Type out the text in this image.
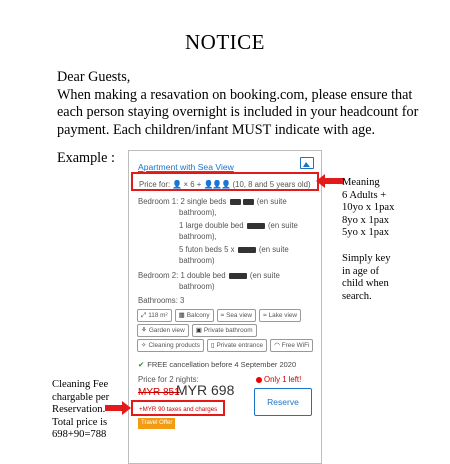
NOTICE
Dear Guests,
When making a resavation on booking.com, please ensure that
each person staying overnight is included in your headcount for
payment. Each children/infant MUST indicate with age.
Example :
Apartment with Sea View
Price for: 👤 × 6 + 👤👤👤 (10, 8 and 5 years old)
Bedroom 1: 2 single beds	(en suite
bathroom),
1 large double bed	(en suite
bathroom),
5 futon beds 5 x	(en suite
bathroom)
Bedroom 2: 1 double bed	(en suite
bathroom)
Bathrooms: 3
⤢ 118 m²	▦ Balcony	≈ Sea view	≈ Lake view
⚘ Garden view	▣ Private bathroom
✧ Cleaning products	▯ Private entrance	◠ Free WiFi
✔ FREE cancellation before 4 September 2020
Price for 2 nights:
MYR 851
MYR 698
+MYR 90 taxes and charges
Only 1 left!
Reserve
Travel Offer
Meaning
6 Adults +
10yo x 1pax
8yo x 1pax
5yo x 1pax
Simply key
in age of
child when
search.
Cleaning Fee
chargable per
Reservation.
Total price is
698+90=788
